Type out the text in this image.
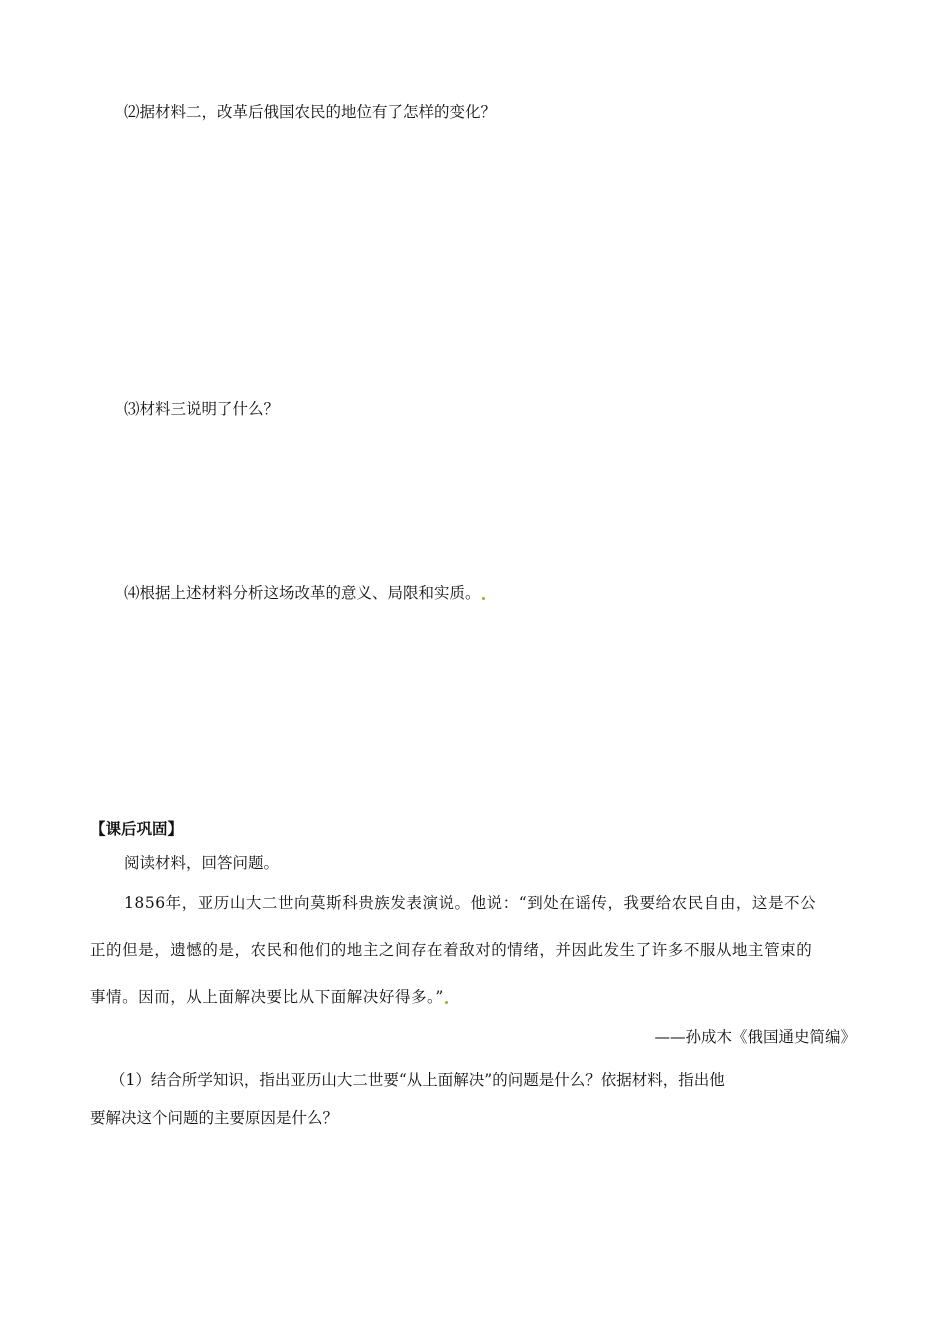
⑵据材料二，改革后俄国农民的地位有了怎样的变化？
⑶材料三说明了什么？
⑷根据上述材料分析这场改革的意义、局限和实质。
【课后巩固】
阅读材料，回答问题。
1856年，亚历山大二世向莫斯科贵族发表演说。他说：“到处在谣传，我要给农民自由，这是不公
正的但是，遗憾的是，农民和他们的地主之间存在着敌对的情绪，并因此发生了许多不服从地主管束的
事情。因而，从上面解决要比从下面解决好得多。”
——孙成木《俄国通史简编》
（1）结合所学知识，指出亚历山大二世要“从上面解决”的问题是什么？依据材料，指出他
要解决这个问题的主要原因是什么？
